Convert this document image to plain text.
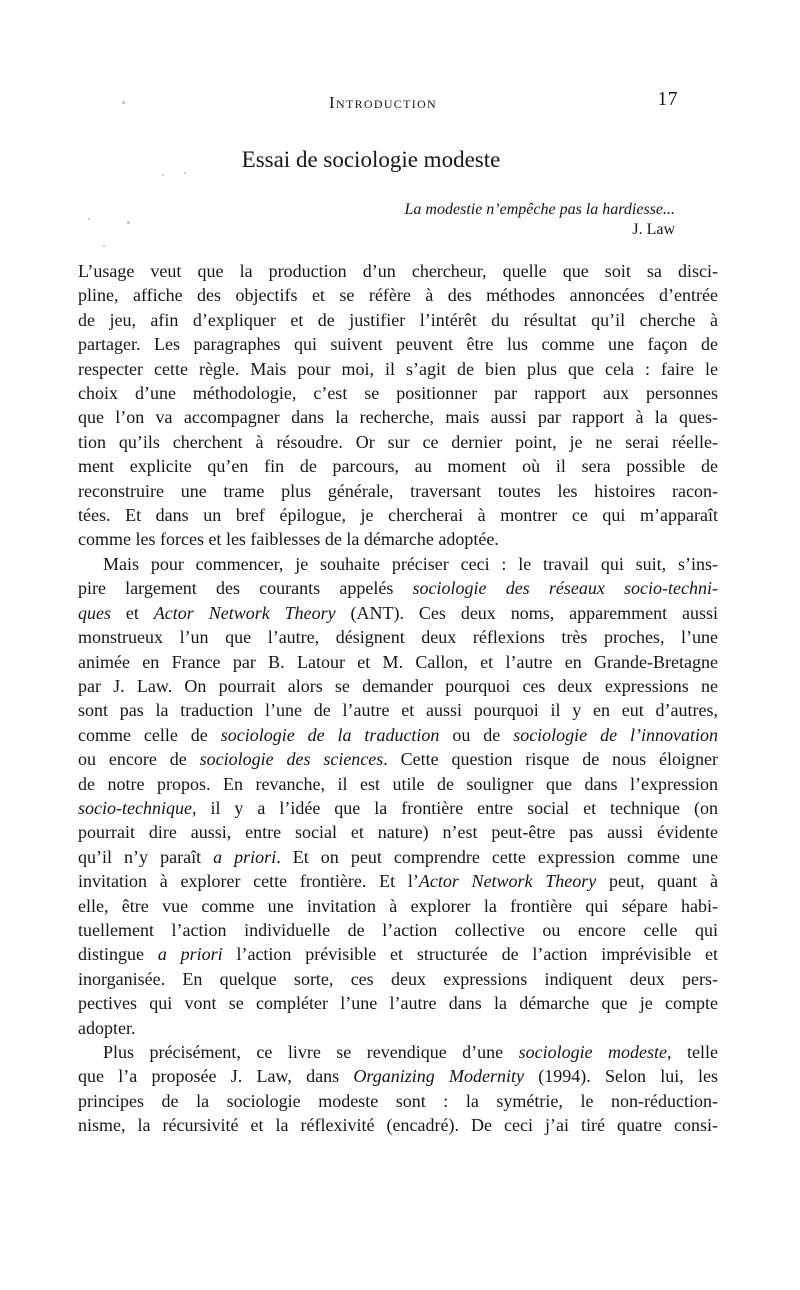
Introduction	17
Essai de sociologie modeste
La modestie n’empêche pas la hardiesse...
J. Law
L’usage veut que la production d’un chercheur, quelle que soit sa disci-
pline, affiche des objectifs et se réfère à des méthodes annoncées d’entrée
de jeu, afin d’expliquer et de justifier l’intérêt du résultat qu’il cherche à
partager. Les paragraphes qui suivent peuvent être lus comme une façon de
respecter cette règle. Mais pour moi, il s’agit de bien plus que cela : faire le
choix d’une méthodologie, c’est se positionner par rapport aux personnes
que l’on va accompagner dans la recherche, mais aussi par rapport à la ques-
tion qu’ils cherchent à résoudre. Or sur ce dernier point, je ne serai réelle-
ment explicite qu’en fin de parcours, au moment où il sera possible de
reconstruire une trame plus générale, traversant toutes les histoires racon-
tées. Et dans un bref épilogue, je chercherai à montrer ce qui m’apparaît
comme les forces et les faiblesses de la démarche adoptée.
Mais pour commencer, je souhaite préciser ceci : le travail qui suit, s’ins-
pire largement des courants appelés sociologie des réseaux socio-techni-
ques et Actor Network Theory (ANT). Ces deux noms, apparemment aussi
monstrueux l’un que l’autre, désignent deux réflexions très proches, l’une
animée en France par B. Latour et M. Callon, et l’autre en Grande-Bretagne
par J. Law. On pourrait alors se demander pourquoi ces deux expressions ne
sont pas la traduction l’une de l’autre et aussi pourquoi il y en eut d’autres,
comme celle de sociologie de la traduction ou de sociologie de l’innovation
ou encore de sociologie des sciences. Cette question risque de nous éloigner
de notre propos. En revanche, il est utile de souligner que dans l’expression
socio-technique, il y a l’idée que la frontière entre social et technique (on
pourrait dire aussi, entre social et nature) n’est peut-être pas aussi évidente
qu’il n’y paraît a priori. Et on peut comprendre cette expression comme une
invitation à explorer cette frontière. Et l’Actor Network Theory peut, quant à
elle, être vue comme une invitation à explorer la frontière qui sépare habi-
tuellement l’action individuelle de l’action collective ou encore celle qui
distingue a priori l’action prévisible et structurée de l’action imprévisible et
inorganisée. En quelque sorte, ces deux expressions indiquent deux pers-
pectives qui vont se compléter l’une l’autre dans la démarche que je compte
adopter.
Plus précisément, ce livre se revendique d’une sociologie modeste, telle
que l’a proposée J. Law, dans Organizing Modernity (1994). Selon lui, les
principes de la sociologie modeste sont : la symétrie, le non-réduction-
nisme, la récursivité et la réflexivité (encadré). De ceci j’ai tiré quatre consi-
